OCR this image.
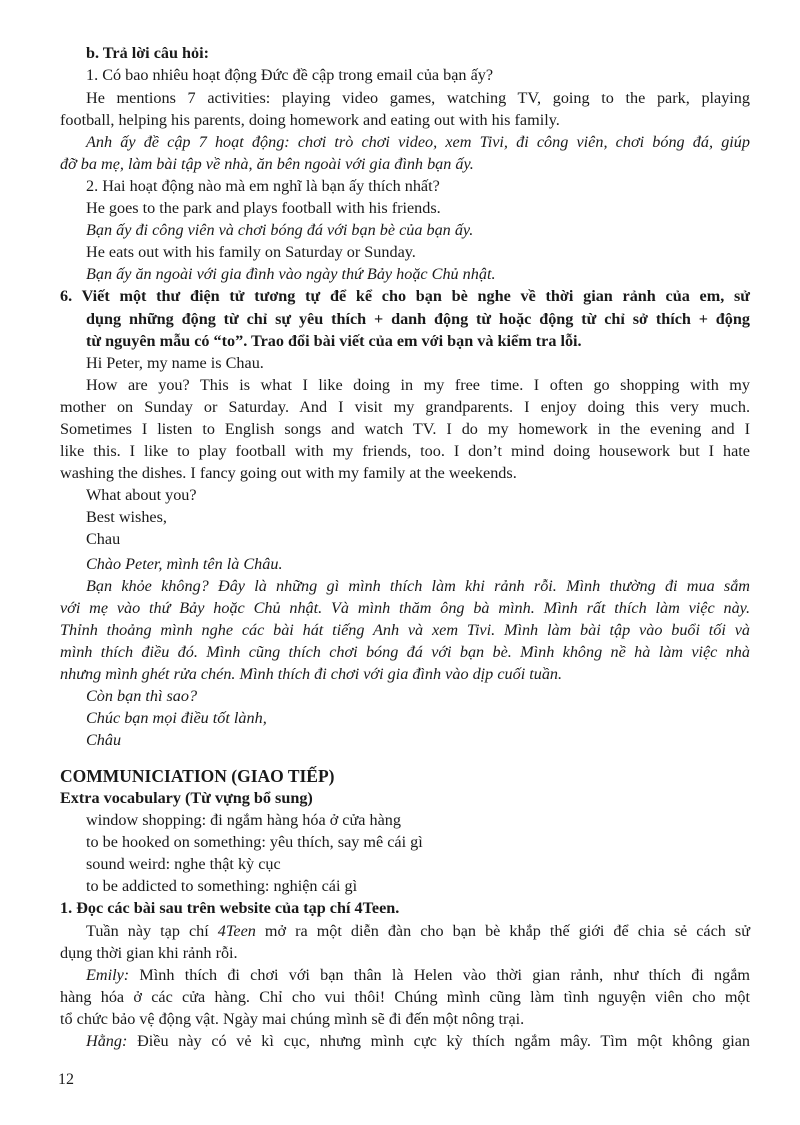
b. Trả lời câu hỏi:

1. Có bao nhiêu hoạt động Đức đề cập trong email của bạn ấy?

He mentions 7 activities: playing video games, watching TV, going to the park, playing

football, helping his parents, doing homework and eating out with his family.

Anh ấy đề cập 7 hoạt động: chơi trò chơi video, xem Tivi, đi công viên, chơi bóng đá, giúp

đỡ ba mẹ, làm bài tập về nhà, ăn bên ngoài với gia đình bạn ấy.

2. Hai hoạt động nào mà em nghĩ là bạn ấy thích nhất?

He goes to the park and plays football with his friends.

Bạn ấy đi công viên và chơi bóng đá với bạn bè của bạn ấy.

He eats out with his family on Saturday or Sunday.

Bạn ấy ăn ngoài với gia đình vào ngày thứ Bảy hoặc Chủ nhật.

6. Viết một thư điện tử tương tự để kể cho bạn bè nghe về thời gian rảnh của em, sử

dụng những động từ chỉ sự yêu thích + danh động từ hoặc động từ chỉ sở thích + động

từ nguyên mẫu có “to”. Trao đổi bài viết của em với bạn và kiểm tra lỗi.

Hi Peter, my name is Chau.

How are you? This is what I like doing in my free time. I often go shopping with my

mother on Sunday or Saturday. And I visit my grandparents. I enjoy doing this very much.

Sometimes I listen to English songs and watch TV. I do my homework in the evening and I

like this. I like to play football with my friends, too. I don’t mind doing housework but I hate

washing the dishes. I fancy going out with my family at the weekends.

What about you?

Best wishes,

Chau

Chào Peter, mình tên là Châu.

Bạn khỏe không? Đây là những gì mình thích làm khi rảnh rỗi. Mình thường đi mua sắm

với mẹ vào thứ Bảy hoặc Chủ nhật. Và mình thăm ông bà mình. Mình rất thích làm việc này.

Thỉnh thoảng mình nghe các bài hát tiếng Anh và xem Tivi. Mình làm bài tập vào buổi tối và

mình thích điều đó. Mình cũng thích chơi bóng đá với bạn bè. Mình không nề hà làm việc nhà

nhưng mình ghét rửa chén. Mình thích đi chơi với gia đình vào dịp cuối tuần.

Còn bạn thì sao?

Chúc bạn mọi điều tốt lành,

Châu

COMMUNICIATION (GIAO TIẾP)

Extra vocabulary (Từ vựng bổ sung)

window shopping: đi ngắm hàng hóa ở cửa hàng

to be hooked on something: yêu thích, say mê cái gì

sound weird: nghe thật kỳ cục

to be addicted to something: nghiện cái gì

1. Đọc các bài sau trên website của tạp chí 4Teen.

Tuần này tạp chí 4Teen mở ra một diễn đàn cho bạn bè khắp thế giới để chia sẻ cách sử

dụng thời gian khi rảnh rỗi.

Emily: Mình thích đi chơi với bạn thân là Helen vào thời gian rảnh, như thích đi ngắm

hàng hóa ở các cửa hàng. Chỉ cho vui thôi! Chúng mình cũng làm tình nguyện viên cho một

tổ chức bảo vệ động vật. Ngày mai chúng mình sẽ đi đến một nông trại.

Hằng: Điều này có vẻ kì cục, nhưng mình cực kỳ thích ngắm mây. Tìm một không gian

12
